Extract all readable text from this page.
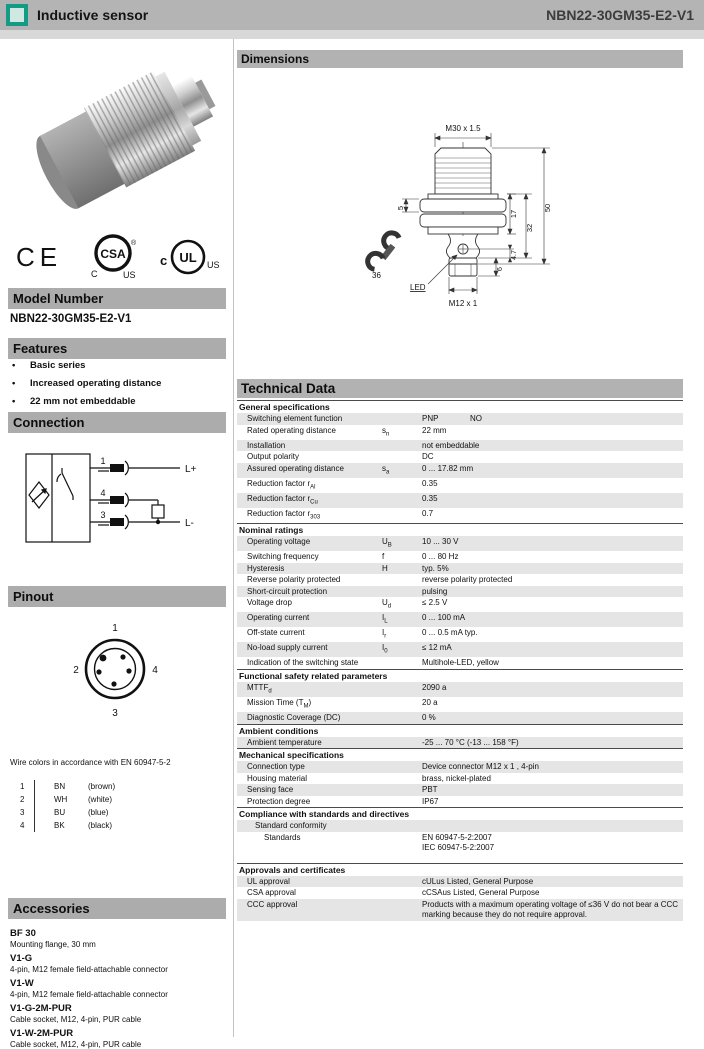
Inductive sensor	NBN22-30GM35-E2-V1
CE	CSA
®
C	US
c UL US
Model Number
NBN22-30GM35-E2-V1
Features
•	Basic series
•	Increased operating distance
•	22 mm not embeddable
Connection
1
4
3
L+
L-
Pinout
1
2	4
3
Wire colors in accordance with EN 60947-5-2
1	BN	(brown)
2	WH	(white)
3	BU	(blue)
4	BK	(black)
Accessories
BF 30
Mounting flange, 30 mm
V1-G
4-pin, M12 female field-attachable connector
V1-W
4-pin, M12 female field-attachable connector
V1-G-2M-PUR
Cable socket, M12, 4-pin, PUR cable
V1-W-2M-PUR
Cable socket, M12, 4-pin, PUR cable
Dimensions
M30 x 1.5
5
17
32
50
4.7
6
36
LED
M12 x 1
Technical Data
General specifications
Switching element function	PNP	NO
Rated operating distance	$s_n$	22 mm
Installation	not embeddable
Output polarity	DC
Assured operating distance	$s_a$	0 ... 17.82 mm
Reduction factor $r_{Al}$	0.35
Reduction factor $r_{Cu}$	0.35
Reduction factor $r_{303}$	0.7
Nominal ratings
Operating voltage	$U_B$	10 ... 30 V
Switching frequency	f	0 ... 80 Hz
Hysteresis	H	typ. 5%
Reverse polarity protected	reverse polarity protected
Short-circuit protection	pulsing
Voltage drop	$U_d$	≤ 2.5 V
Operating current	$I_L$	0 ... 100 mA
Off-state current	$I_r$	0 ... 0.5 mA typ.
No-load supply current	$I_0$	≤ 12 mA
Indication of the switching state	Multihole-LED, yellow
Functional safety related parameters
$MTTF_d$	2090 a
Mission Time $(T_M)$	20 a
Diagnostic Coverage (DC)	0 %
Ambient conditions
Ambient temperature	-25 ... 70 °C (-13 ... 158 °F)
Mechanical specifications
Connection type	Device connector M12 x 1 , 4-pin
Housing material	brass, nickel-plated
Sensing face	PBT
Protection degree	IP67
Compliance with standards and directives
Standard conformity
Standards	EN 60947-5-2:2007
IEC 60947-5-2:2007
Approvals and certificates
UL approval	cULus Listed, General Purpose
CSA approval	cCSAus Listed, General Purpose
CCC approval	Products with a maximum operating voltage of ≤36 V do not bear a CCC marking because they do not require approval.
